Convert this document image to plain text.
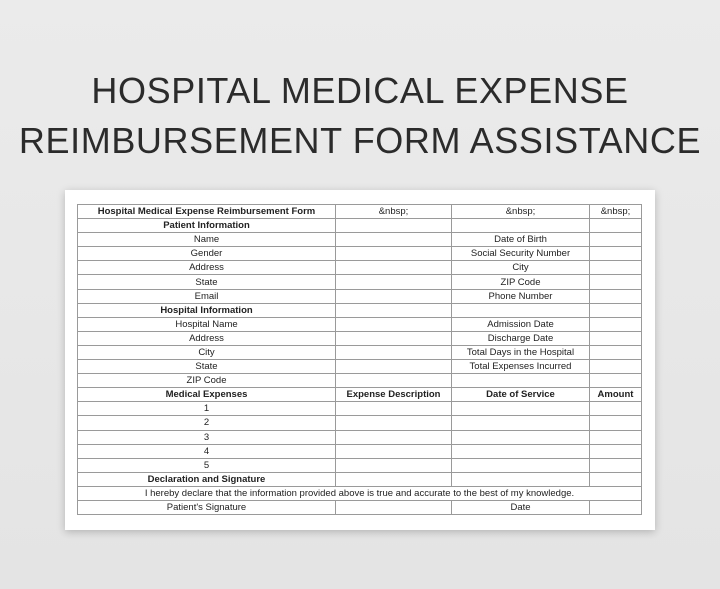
HOSPITAL MEDICAL EXPENSE
REIMBURSEMENT FORM ASSISTANCE
Hospital Medical Expense Reimbursement Form	&nbsp;	&nbsp;	&nbsp;
Patient Information			
Name		Date of Birth	
Gender		Social Security Number	
Address		City	
State		ZIP Code	
Email		Phone Number	
Hospital Information			
Hospital Name		Admission Date	
Address		Discharge Date	
City		Total Days in the Hospital	
State		Total Expenses Incurred	
ZIP Code			
Medical Expenses	Expense Description	Date of Service	Amount
1			
2			
3			
4			
5			
Declaration and Signature			
I hereby declare that the information provided above is true and accurate to the best of my knowledge.			
Patient's Signature		Date	
